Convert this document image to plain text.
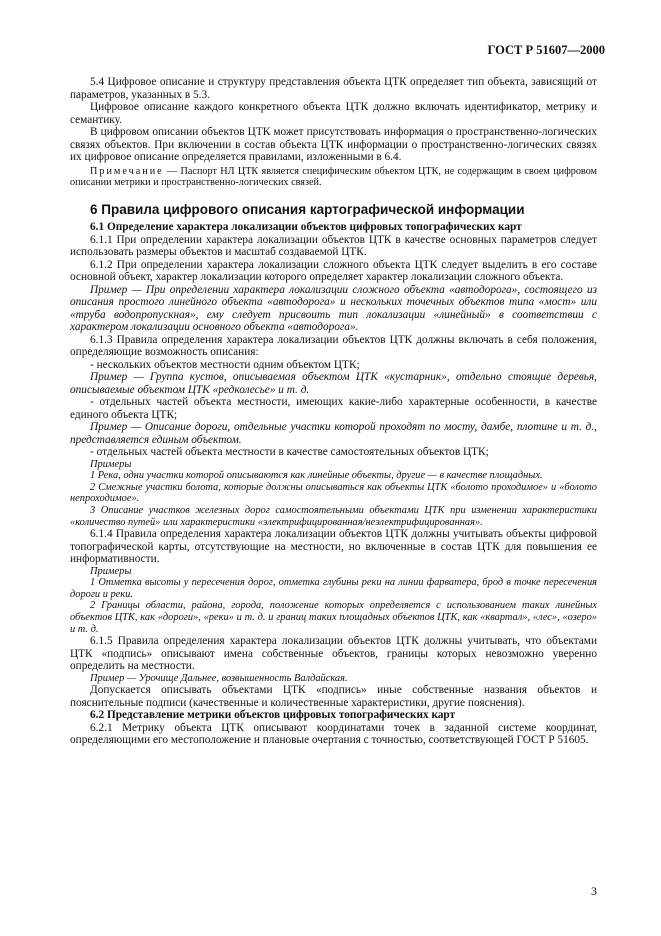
ГОСТ Р 51607—2000

5.4 Цифровое описание и структуру представления объекта ЦТК определяет тип объекта, зависящий от параметров, указанных в 5.3.

Цифровое описание каждого конкретного объекта ЦТК должно включать идентификатор, метрику и семантику.

В цифровом описании объектов ЦТК может присутствовать информация о пространственно-логических связях объектов. При включении в состав объекта ЦТК информации о пространственно-логических связях их цифровое описание определяется правилами, изложенными в 6.4.

Примечание — Паспорт НЛ ЦТК является специфическим объектом ЦТК, не содержащим в своем цифровом описании метрики и пространственно-логических связей.

6 Правила цифрового описания картографической информации

6.1 Определение характера локализации объектов цифровых топографических карт

6.1.1 При определении характера локализации объектов ЦТК в качестве основных параметров следует использовать размеры объектов и масштаб создаваемой ЦТК.

6.1.2 При определении характера локализации сложного объекта ЦТК следует выделить в его составе основной объект, характер локализации которого определяет характер локализации сложного объекта.

Пример — При определении характера локализации сложного объекта «автодорога», состоящего из описания простого линейного объекта «автодорога» и нескольких точечных объектов типа «мост» или «труба водопропускная», ему следует присвоить тип локализации «линейный» в соответствии с характером локализации основного объекта «автодорога».

6.1.3 Правила определения характера локализации объектов ЦТК должны включать в себя положения, определяющие возможность описания:

- нескольких объектов местности одним объектом ЦТК;

Пример — Группа кустов, описываемая объектом ЦТК «кустарник», отдельно стоящие деревья, описываемые объектом ЦТК «редколесье» и т. д.

- отдельных частей объекта местности, имеющих какие-либо характерные особенности, в качестве единого объекта ЦТК;

Пример — Описание дороги, отдельные участки которой проходят по мосту, дамбе, плотине и т. д., представляется единым объектом.

- отдельных частей объекта местности в качестве самостоятельных объектов ЦТК;

Примеры

1 Река, одни участки которой описываются как линейные объекты, другие — в качестве площадных.

2 Смежные участки болота, которые должны описываться как объекты ЦТК «болото проходимое» и «болото непроходимое».

3 Описание участков железных дорог самостоятельными объектами ЦТК при изменении характеристики «количество путей» или характеристики «электрифицированная/неэлектрифицированная».

6.1.4 Правила определения характера локализации объектов ЦТК должны учитывать объекты цифровой топографической карты, отсутствующие на местности, но включенные в состав ЦТК для повышения ее информативности.

Примеры

1 Отметка высоты у пересечения дорог, отметка глубины реки на линии фарватера, брод в точке пересечения дороги и реки.

2 Границы области, района, города, положение которых определяется с использованием таких линейных объектов ЦТК, как «дороги», «реки» и т. д. и границ таких площадных объектов ЦТК, как «квартал», «лес», «озеро» и т. д.

6.1.5 Правила определения характера локализации объектов ЦТК должны учитывать, что объектами ЦТК «подпись» описывают имена собственные объектов, границы которых невозможно уверенно определить на местности.

Пример — Урочище Дальнее, возвышенность Валдайская.

Допускается описывать объектами ЦТК «подпись» иные собственные названия объектов и пояснительные подписи (качественные и количественные характеристики, другие пояснения).

6.2 Представление метрики объектов цифровых топографических карт

6.2.1 Метрику объекта ЦТК описывают координатами точек в заданной системе координат, определяющими его местоположение и плановые очертания с точностью, соответствующей ГОСТ Р 51605.

3
